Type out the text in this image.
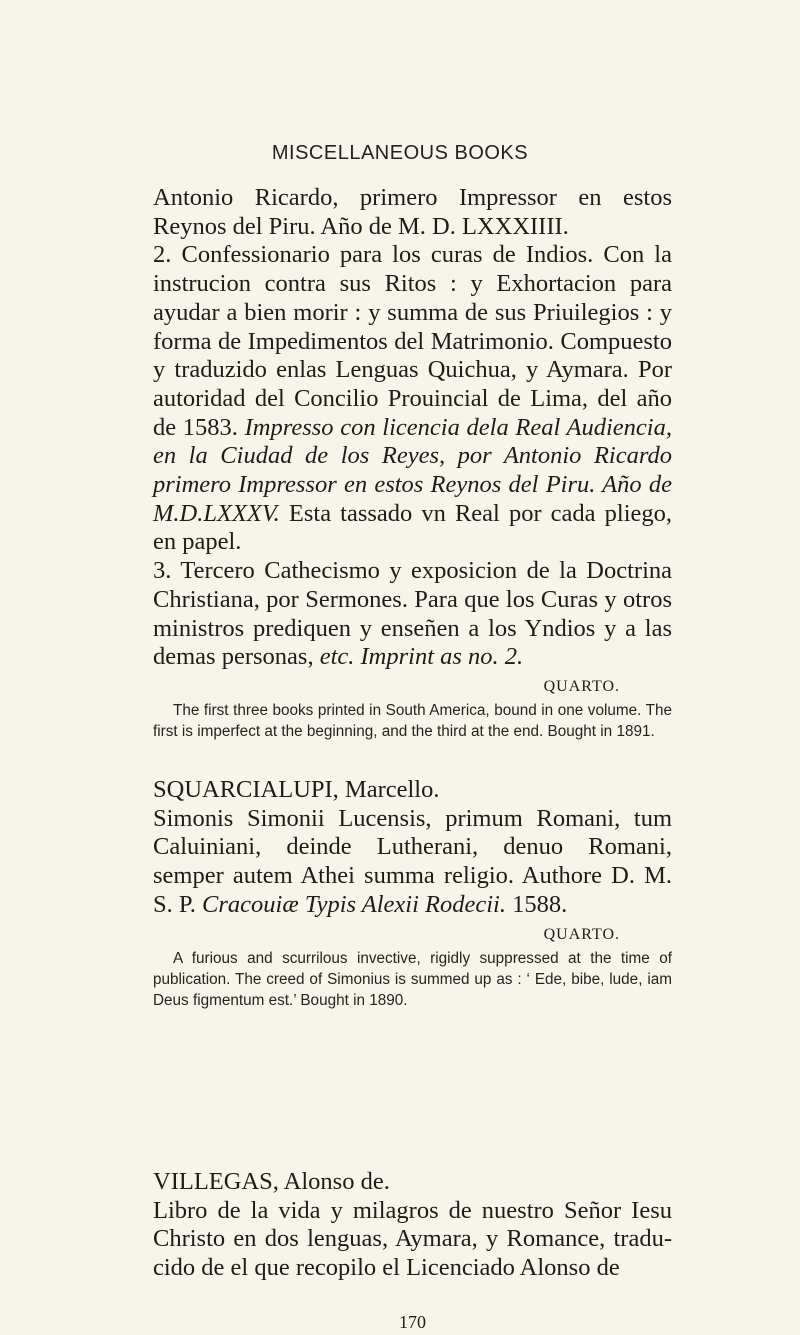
MISCELLANEOUS BOOKS

Antonio Ricardo, primero Impressor en estos Reynos del Piru. Año de M. D. LXXXIIII.

2. Confessionario para los curas de Indios. Con la instrucion contra sus Ritos : y Exhortacion para ayudar a bien morir : y summa de sus Priuilegios : y forma de Impedimentos del Matrimonio. Compuesto y traduzido enlas Lenguas Quichua, y Aymara. Por autoridad del Concilio Prouincial de Lima, del año de 1583. Impresso con licencia dela Real Audiencia, en la Ciudad de los Reyes, por Antonio Ricardo primero Impressor en estos Reynos del Piru. Año de M.D.LXXXV. Esta tassado vn Real por cada pliego, en papel.

3. Tercero Cathecismo y exposicion de la Doctrina Christiana, por Sermones. Para que los Curas y otros ministros prediquen y enseñen a los Yndios y a las demas personas, etc. Imprint as no. 2.

QUARTO.

The first three books printed in South America, bound in one volume. The first is imperfect at the beginning, and the third at the end. Bought in 1891.

SQUARCIALUPI, Marcello.

Simonis Simonii Lucensis, primum Romani, tum Caluiniani, deinde Lutherani, denuo Romani, semper autem Athei summa religio. Authore D. M. S. P. Cracouiæ Typis Alexii Rodecii. 1588.

QUARTO.

A furious and scurrilous invective, rigidly suppressed at the time of publication. The creed of Simonius is summed up as : ‘ Ede, bibe, lude, iam Deus figmentum est.’ Bought in 1890.

VILLEGAS, Alonso de.

Libro de la vida y milagros de nuestro Señor Iesu Christo en dos lenguas, Aymara, y Romance, traducido de el que recopilo el Licenciado Alonso de

170
